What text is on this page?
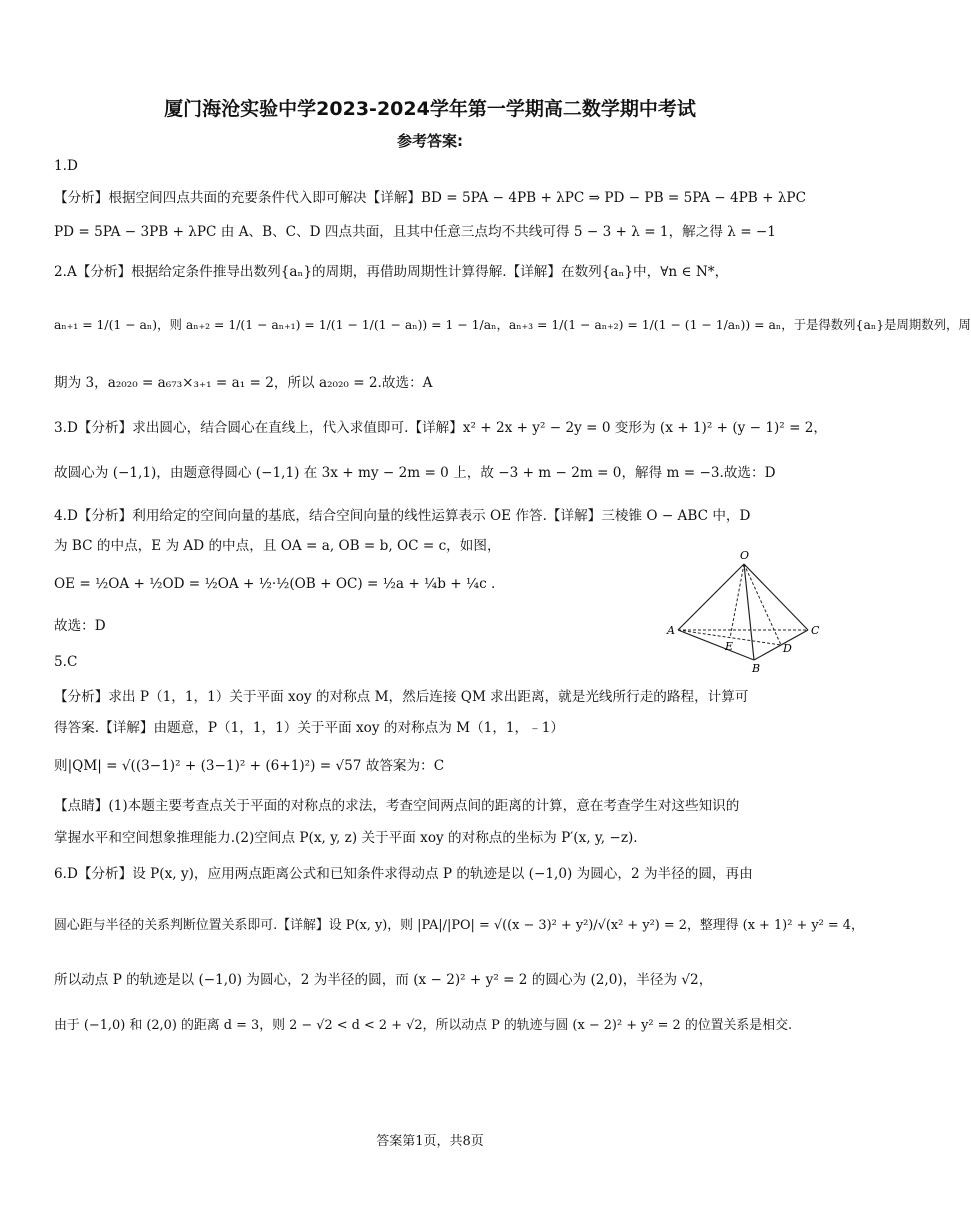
厦门海沧实验中学2023-2024学年第一学期高二数学期中考试
参考答案:
1.D
【分析】根据空间四点共面的充要条件代入即可解决【详解】BD = 5PA − 4PB + λPC ⇒ PD − PB = 5PA − 4PB + λPC
PD = 5PA − 3PB + λPC 由 A、B、C、D 四点共面，且其中任意三点均不共线可得 5 − 3 + λ = 1，解之得 λ = −1
2.A【分析】根据给定条件推导出数列{aₙ}的周期，再借助周期性计算得解.【详解】在数列{aₙ}中，∀n ∈ N*，
aₙ₊₁ = 1/(1 − aₙ)，则 aₙ₊₂ = 1/(1 − aₙ₊₁) = 1/(1 − 1/(1 − aₙ)) = 1 − 1/aₙ，aₙ₊₃ = 1/(1 − aₙ₊₂) = 1/(1 − (1 − 1/aₙ)) = aₙ，于是得数列{aₙ}是周期数列，周
期为 3，a₂₀₂₀ = a₆₇₃×₃₊₁ = a₁ = 2，所以 a₂₀₂₀ = 2.故选：A
3.D【分析】求出圆心，结合圆心在直线上，代入求值即可.【详解】x² + 2x + y² − 2y = 0 变形为 (x + 1)² + (y − 1)² = 2，
故圆心为 (−1,1)，由题意得圆心 (−1,1) 在 3x + my − 2m = 0 上，故 −3 + m − 2m = 0，解得 m = −3.故选：D
4.D【分析】利用给定的空间向量的基底，结合空间向量的线性运算表示 OE 作答.【详解】三棱锥 O − ABC 中，D
为 BC 的中点，E 为 AD 的中点，且 OA = a, OB = b, OC = c，如图，
OE = ½OA + ½OD = ½OA + ½·½(OB + OC) = ½a + ¼b + ¼c .
故选：D
5.C
【分析】求出 P（1，1，1）关于平面 xoy 的对称点 M，然后连接 QM 求出距离，就是光线所行走的路程，计算可
得答案.【详解】由题意，P（1，1，1）关于平面 xoy 的对称点为 M（1，1，﹣1）
则|QM| = √((3−1)² + (3−1)² + (6+1)²) = √57 故答案为：C
【点睛】(1)本题主要考查点关于平面的对称点的求法，考查空间两点间的距离的计算，意在考查学生对这些知识的
掌握水平和空间想象推理能力.(2)空间点 P(x, y, z) 关于平面 xoy 的对称点的坐标为 P′(x, y, −z).
6.D【分析】设 P(x, y)，应用两点距离公式和已知条件求得动点 P 的轨迹是以 (−1,0) 为圆心，2 为半径的圆，再由
圆心距与半径的关系判断位置关系即可.【详解】设 P(x, y)，则 |PA|/|PO| = √((x − 3)² + y²)/√(x² + y²) = 2，整理得 (x + 1)² + y² = 4，
所以动点 P 的轨迹是以 (−1,0) 为圆心，2 为半径的圆，而 (x − 2)² + y² = 2 的圆心为 (2,0)，半径为 √2，
由于 (−1,0) 和 (2,0) 的距离 d = 3，则 2 − √2 < d < 2 + √2，所以动点 P 的轨迹与圆 (x − 2)² + y² = 2 的位置关系是相交.
O
A
B
C
D
E
答案第1页，共8页
